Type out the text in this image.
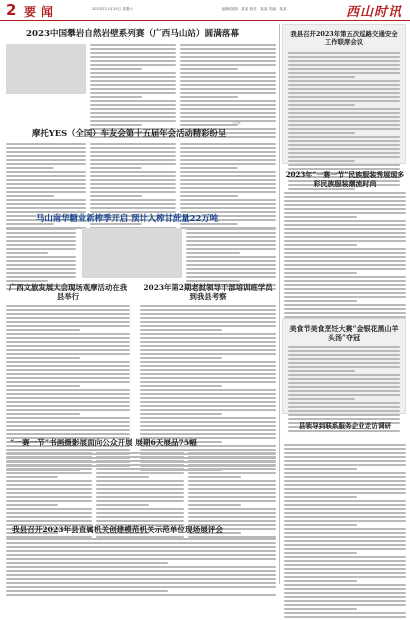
2 要闻	2023年11月25日 星期六	编辑/版面：某某 校对：某某 责编：某某	西山时讯
2023中国攀岩自然岩壁系列赛（广西马山站）圆满落幕
（记者）
摩托YES（全国）车友会第十五届年会活动精彩纷呈
马山南华糖业新榨季开启 预计入榨甘蔗量22万吨
广西文旅发展大会现场观摩活动在我县举行
2023年第2期老挝领导干部培训班学员到我县考察
“一赛一节”书画摄影展面向公众开展 展期6天展品75幅
我县召开2023年县直属机关创建模范机关示范单位现场展评会
我县召开2023年第五次巡路交通安全工作联席会议
2023年“一赛一节”民族服装秀展现多彩民族服装潮流时尚
美食节美食烹饪大赛“金银花黑山羊头汤”夺冠
县领导到联系服务企业走访调研
